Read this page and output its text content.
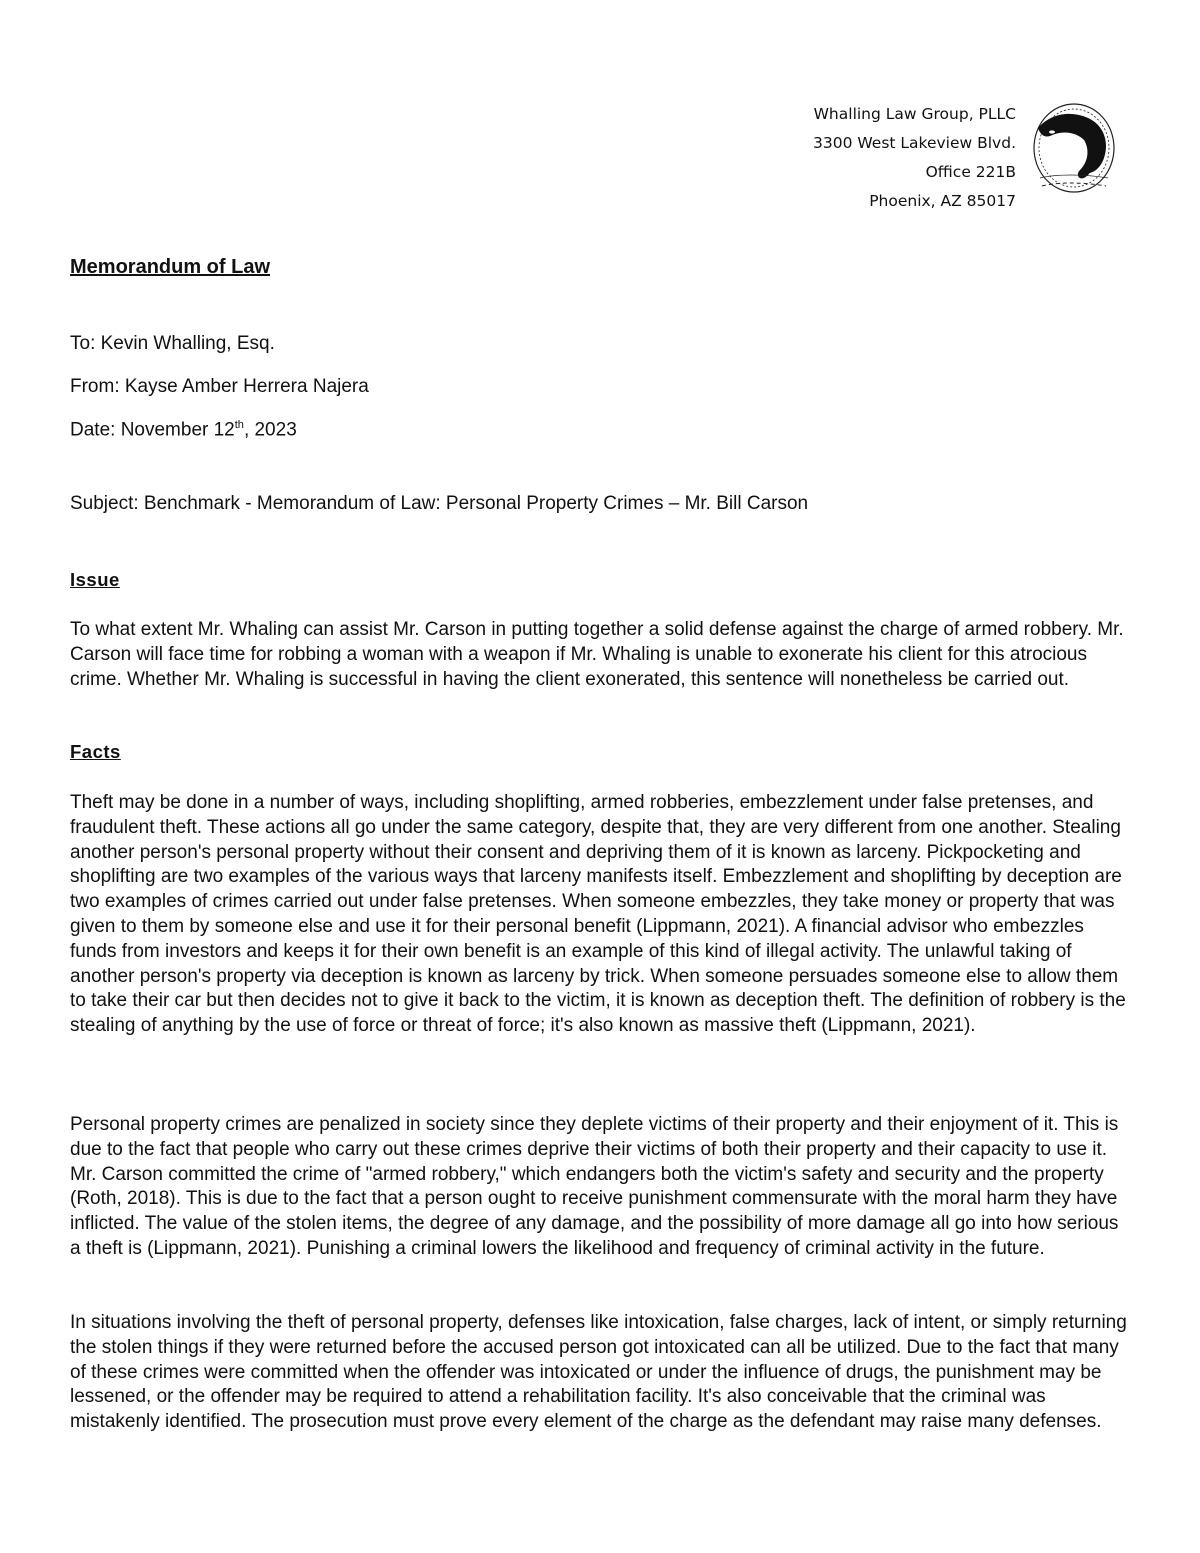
Whalling Law Group, PLLC
3300 West Lakeview Blvd.
Office 221B
Phoenix, AZ 85017
Memorandum of Law
To: Kevin Whalling, Esq.
From: Kayse Amber Herrera Najera
Date: November 12th, 2023
Subject: Benchmark - Memorandum of Law: Personal Property Crimes – Mr. Bill Carson
Issue

To what extent Mr. Whaling can assist Mr. Carson in putting together a solid defense against the charge of armed robbery. Mr. Carson will face time for robbing a woman with a weapon if Mr. Whaling is unable to exonerate his client for this atrocious crime. Whether Mr. Whaling is successful in having the client exonerated, this sentence will nonetheless be carried out.

Facts

Theft may be done in a number of ways, including shoplifting, armed robberies, embezzlement under false pretenses, and fraudulent theft. These actions all go under the same category, despite that, they are very different from one another. Stealing another person's personal property without their consent and depriving them of it is known as larceny. Pickpocketing and shoplifting are two examples of the various ways that larceny manifests itself. Embezzlement and shoplifting by deception are two examples of crimes carried out under false pretenses. When someone embezzles, they take money or property that was given to them by someone else and use it for their personal benefit (Lippmann, 2021). A financial advisor who embezzles funds from investors and keeps it for their own benefit is an example of this kind of illegal activity. The unlawful taking of another person's property via deception is known as larceny by trick. When someone persuades someone else to allow them to take their car but then decides not to give it back to the victim, it is known as deception theft. The definition of robbery is the stealing of anything by the use of force or threat of force; it's also known as massive theft (Lippmann, 2021).

Personal property crimes are penalized in society since they deplete victims of their property and their enjoyment of it. This is due to the fact that people who carry out these crimes deprive their victims of both their property and their capacity to use it. Mr. Carson committed the crime of "armed robbery," which endangers both the victim's safety and security and the property (Roth, 2018). This is due to the fact that a person ought to receive punishment commensurate with the moral harm they have inflicted. The value of the stolen items, the degree of any damage, and the possibility of more damage all go into how serious a theft is (Lippmann, 2021). Punishing a criminal lowers the likelihood and frequency of criminal activity in the future.

In situations involving the theft of personal property, defenses like intoxication, false charges, lack of intent, or simply returning the stolen things if they were returned before the accused person got intoxicated can all be utilized. Due to the fact that many of these crimes were committed when the offender was intoxicated or under the influence of drugs, the punishment may be lessened, or the offender may be required to attend a rehabilitation facility. It's also conceivable that the criminal was mistakenly identified. The prosecution must prove every element of the charge as the defendant may raise many defenses.
